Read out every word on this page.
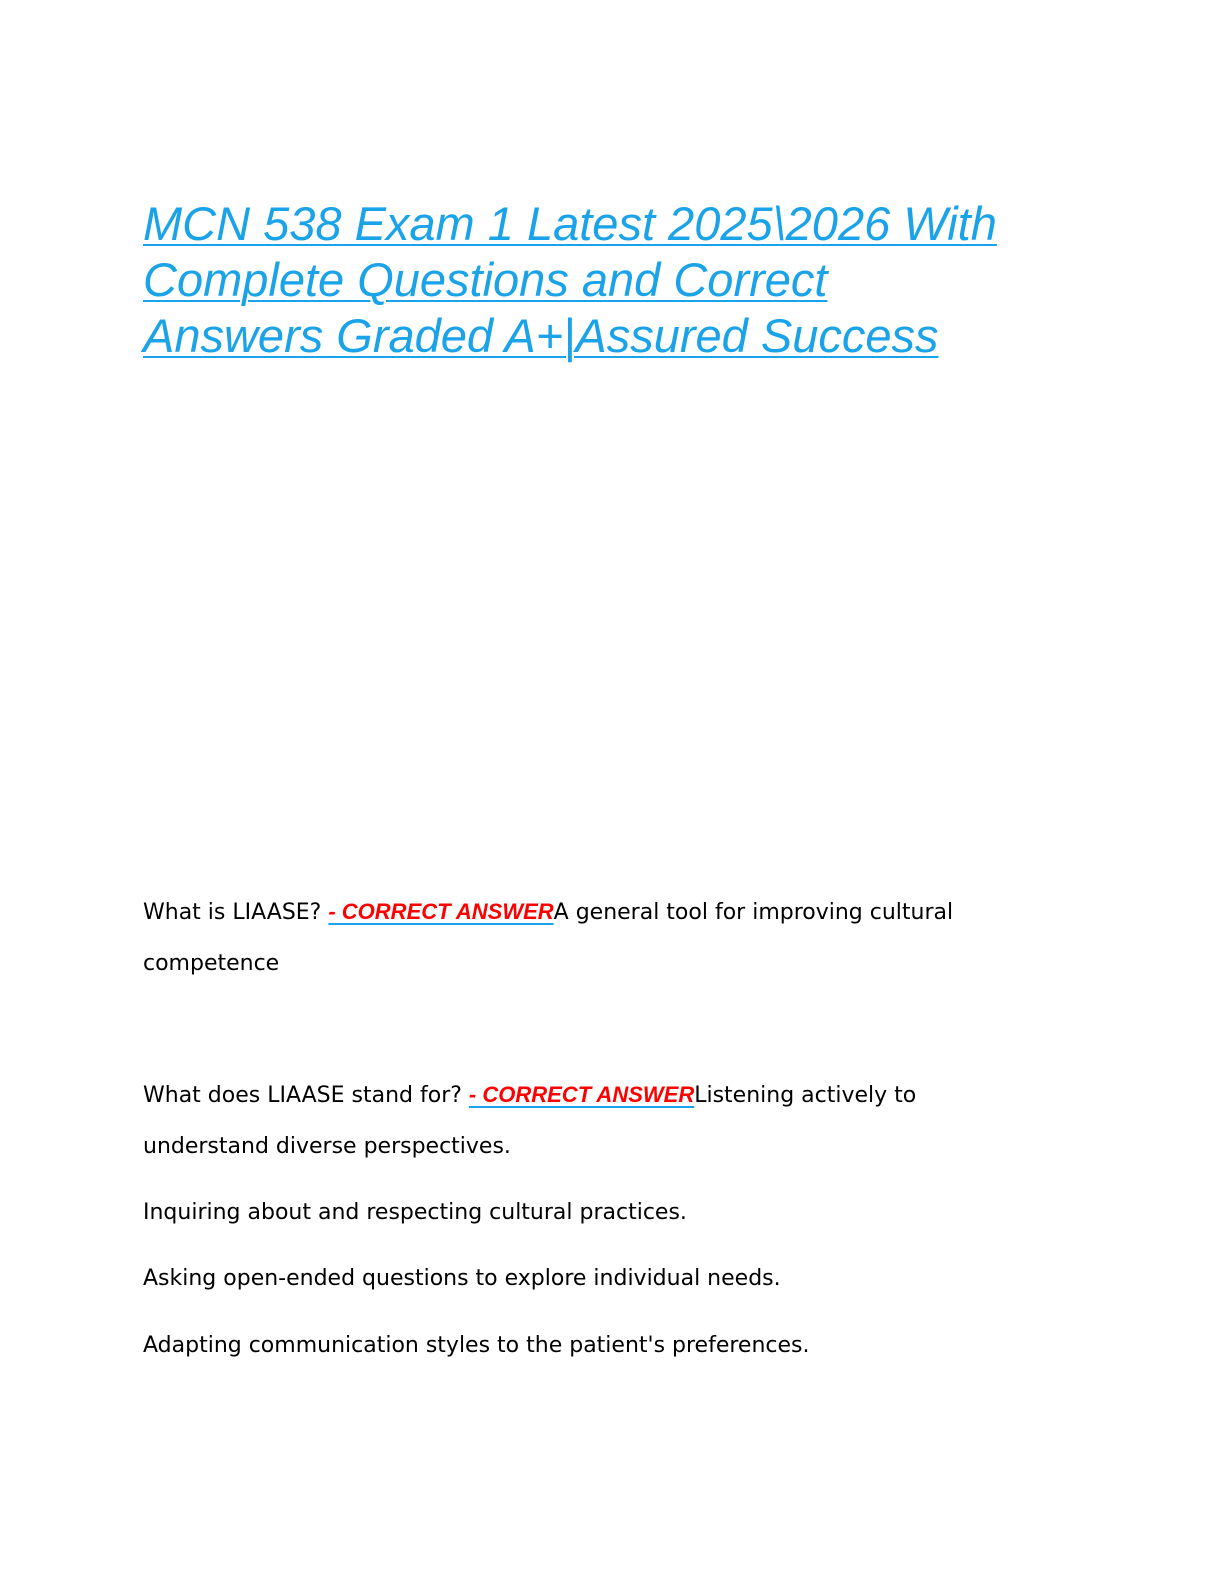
MCN 538 Exam 1 Latest 2025\2026 With
Complete Questions and Correct
Answers Graded A+|Assured Success

What is LIAASE? - CORRECT ANSWERA general tool for improving cultural competence

What does LIAASE stand for? - CORRECT ANSWERListening actively to understand diverse perspectives.

Inquiring about and respecting cultural practices.

Asking open-ended questions to explore individual needs.

Adapting communication styles to the patient's preferences.
